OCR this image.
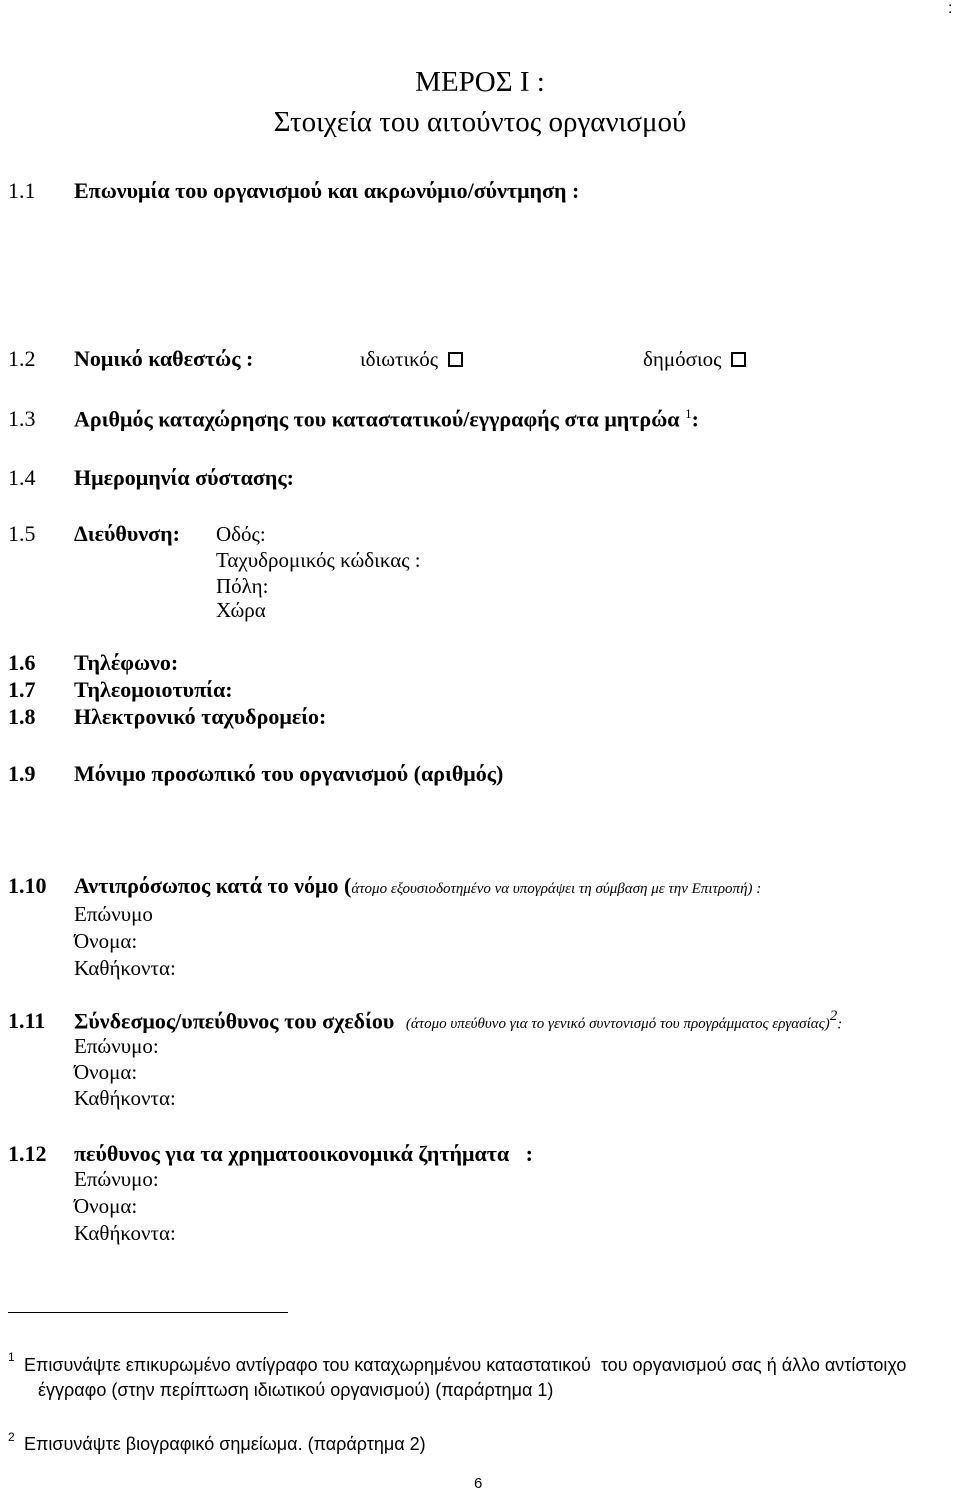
:
ΜΕΡΟΣ Ι :
Στοιχεία του αιτούντος οργανισμού
1.1 Επωνυμία του οργανισμού και ακρωνύμιο/σύντμηση :
1.2 Νομικό καθεστώς :	ιδιωτικός	δημόσιος
1.3 Αριθμός καταχώρησης του καταστατικού/εγγραφής στα μητρώα $^1$:
1.4 Ημερομηνία σύστασης:
1.5 Διεύθυνση: Οδός:
Ταχυδρομικός κώδικας :
Πόλη:
Χώρα
1.6 Τηλέφωνο:
1.7 Τηλεομοιοτυπία:
1.8 Ηλεκτρονικό ταχυδρομείο:
1.9 Μόνιμο προσωπικό του οργανισμού (αριθμός)
1.10 Αντιπρόσωπος κατά το νόμο (άτομο εξουσιοδοτημένο να υπογράψει τη σύμβαση με την Επιτροπή) :
Επώνυμο
Όνομα:
Καθήκοντα:
1.11 Σύνδεσμος/υπεύθυνος του σχεδίου (άτομο υπεύθυνο για το γενικό συντονισμό του προγράμματος εργασίας)$^2$:
Επώνυμο:
Όνομα:
Καθήκοντα:
1.12 πεύθυνος για τα χρηματοοικονομικά ζητήματα   :
Επώνυμο:
Όνομα:
Καθήκοντα:
1 Επισυνάψτε επικυρωμένο αντίγραφο του καταχωρημένου καταστατικού  του οργανισμού σας ή άλλο αντίστοιχο
έγγραφο (στην περίπτωση ιδιωτικού οργανισμού) (παράρτημα 1)
2 Επισυνάψτε βιογραφικό σημείωμα. (παράρτημα 2)
6
